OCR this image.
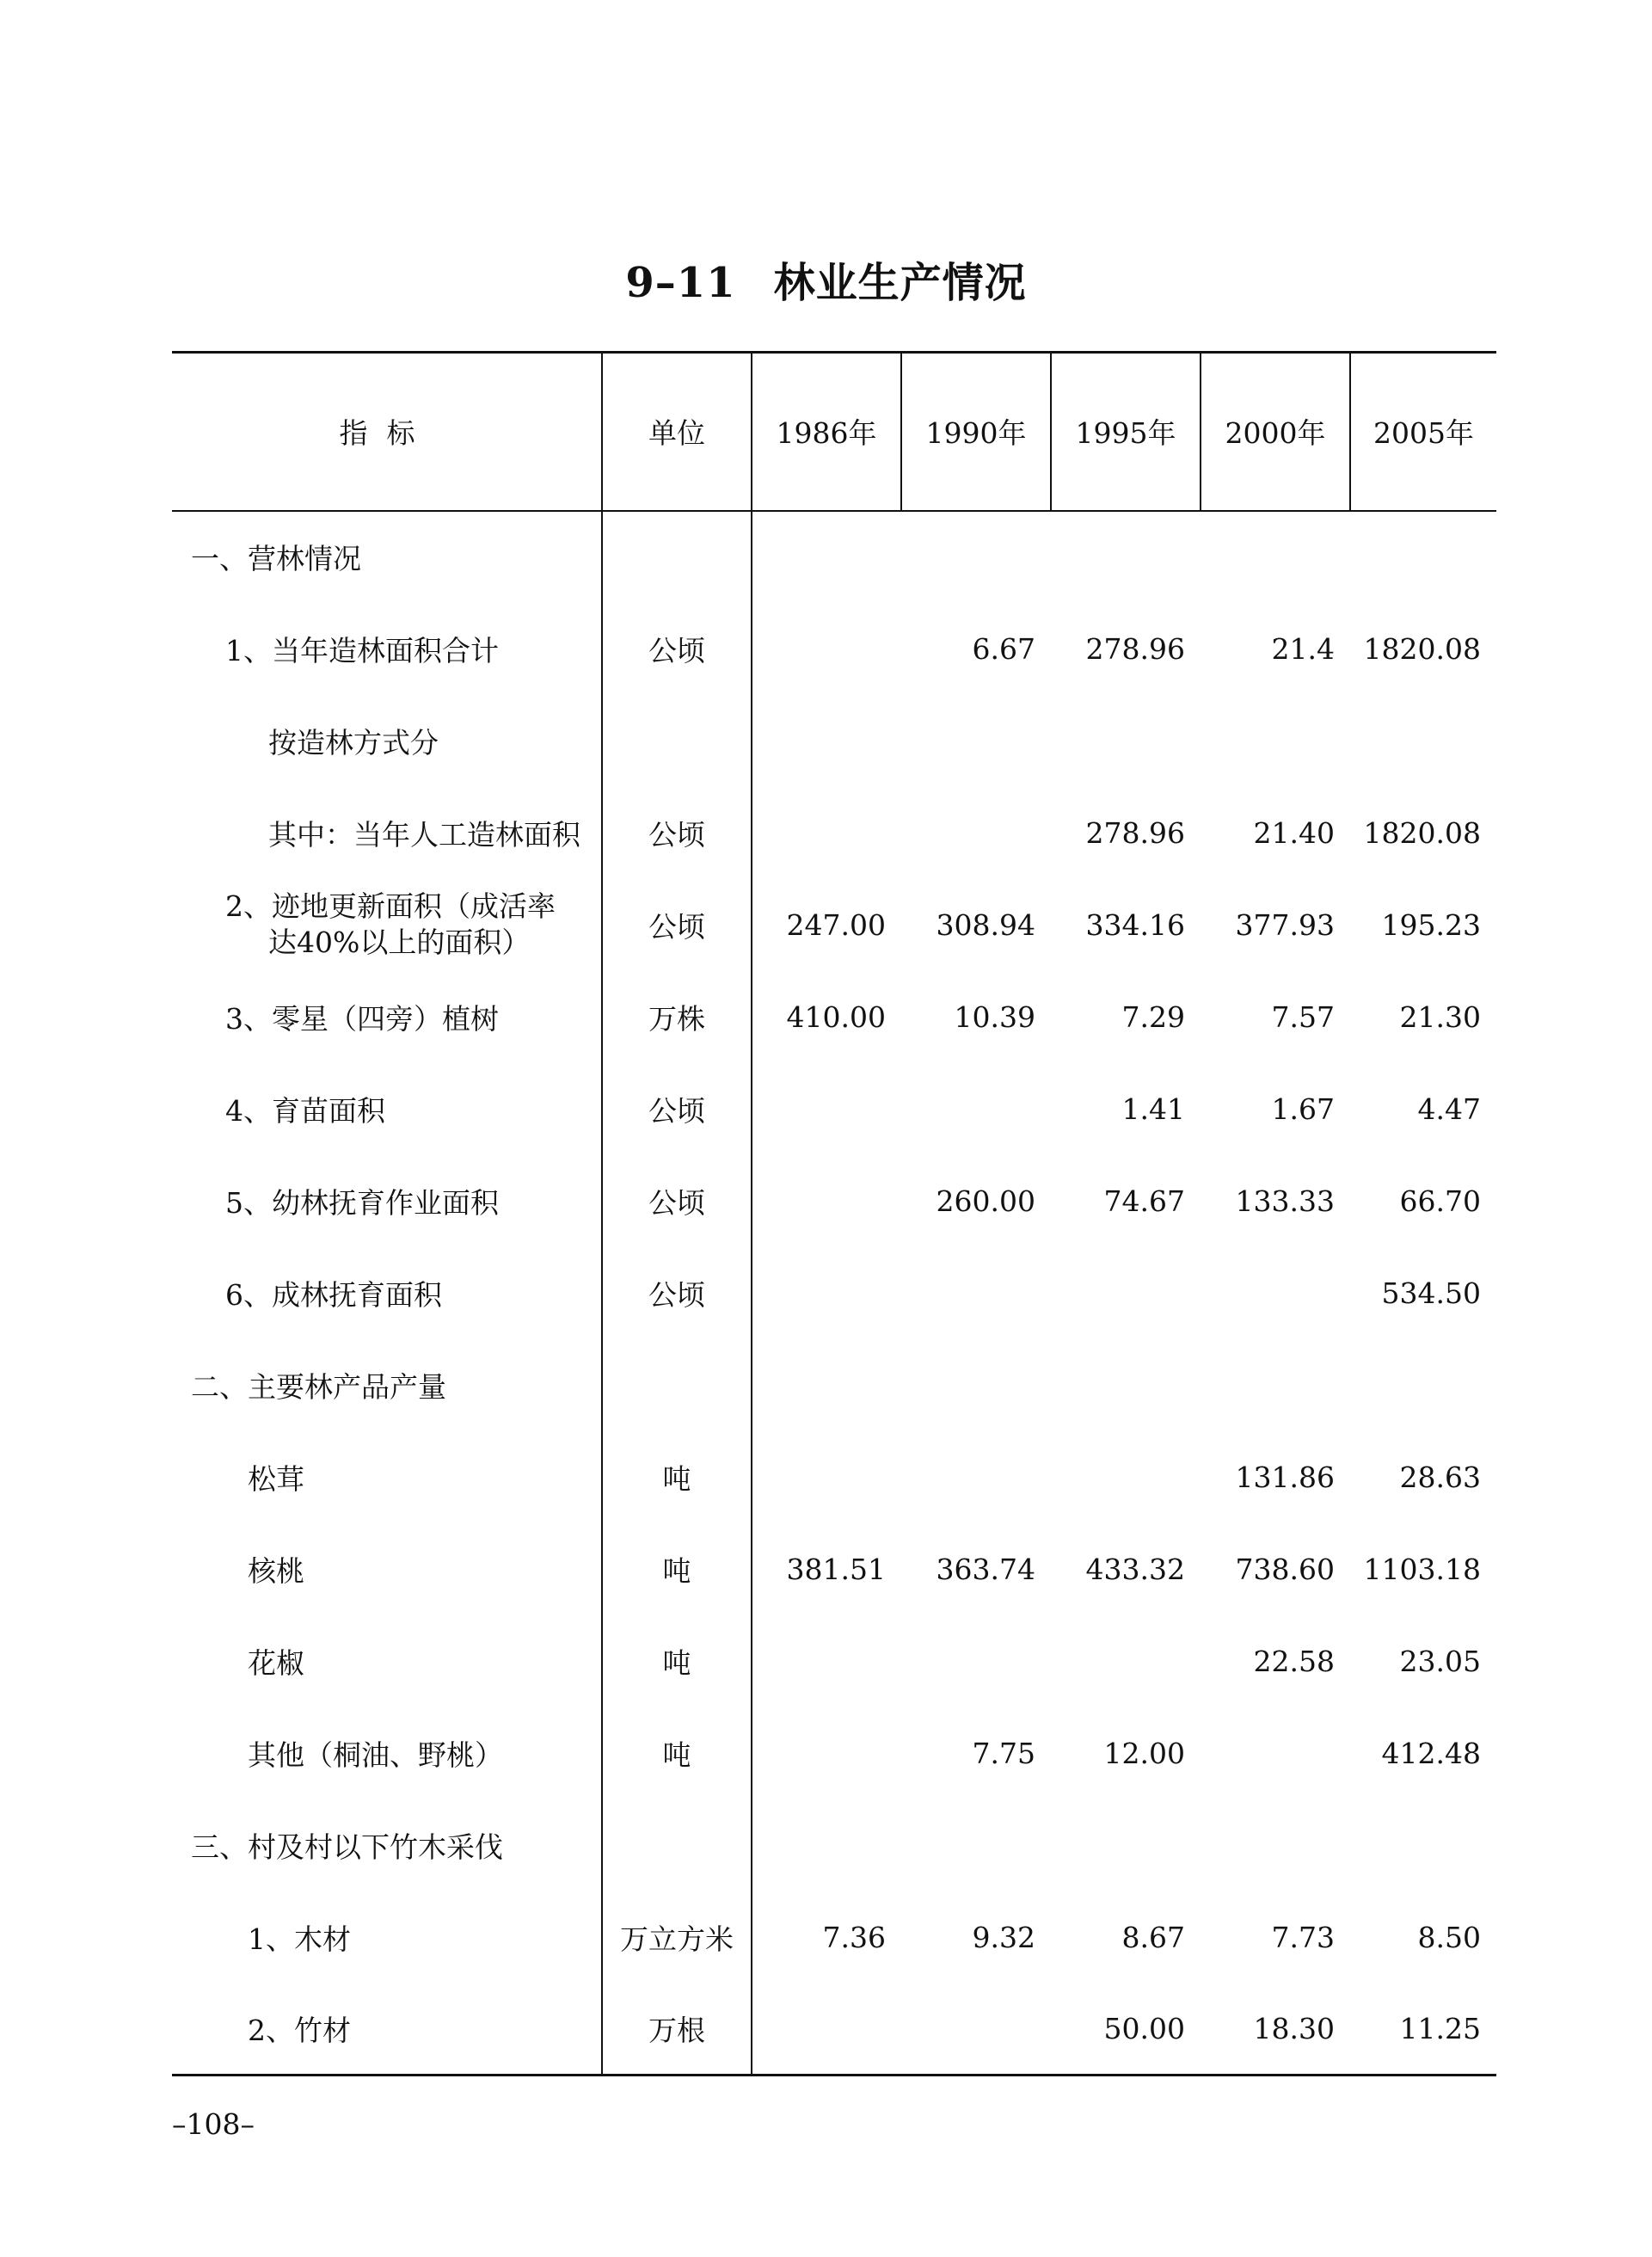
9–11 林业生产情况
指标	单位	1986年	1990年	1995年	2000年	2005年
一、营林情况						
1、当年造林面积合计	公顷		6.67	278.96	21.4	1820.08
按造林方式分						
其中：当年人工造林面积	公顷			278.96	21.40	1820.08

2、迹地更新面积（成活率
达40%以上的面积）	公顷	247.00	308.94	334.16	377.93	195.23
3、零星（四旁）植树	万株	410.00	10.39	7.29	7.57	21.30
4、育苗面积	公顷			1.41	1.67	4.47
5、幼林抚育作业面积	公顷		260.00	74.67	133.33	66.70
6、成林抚育面积	公顷					534.50
二、主要林产品产量						
松茸	吨				131.86	28.63
核桃	吨	381.51	363.74	433.32	738.60	1103.18
花椒	吨				22.58	23.05
其他（桐油、野桃）	吨		7.75	12.00		412.48
三、村及村以下竹木采伐						
1、木材	万立方米	7.36	9.32	8.67	7.73	8.50
2、竹材	万根			50.00	18.30	11.25
–108–
